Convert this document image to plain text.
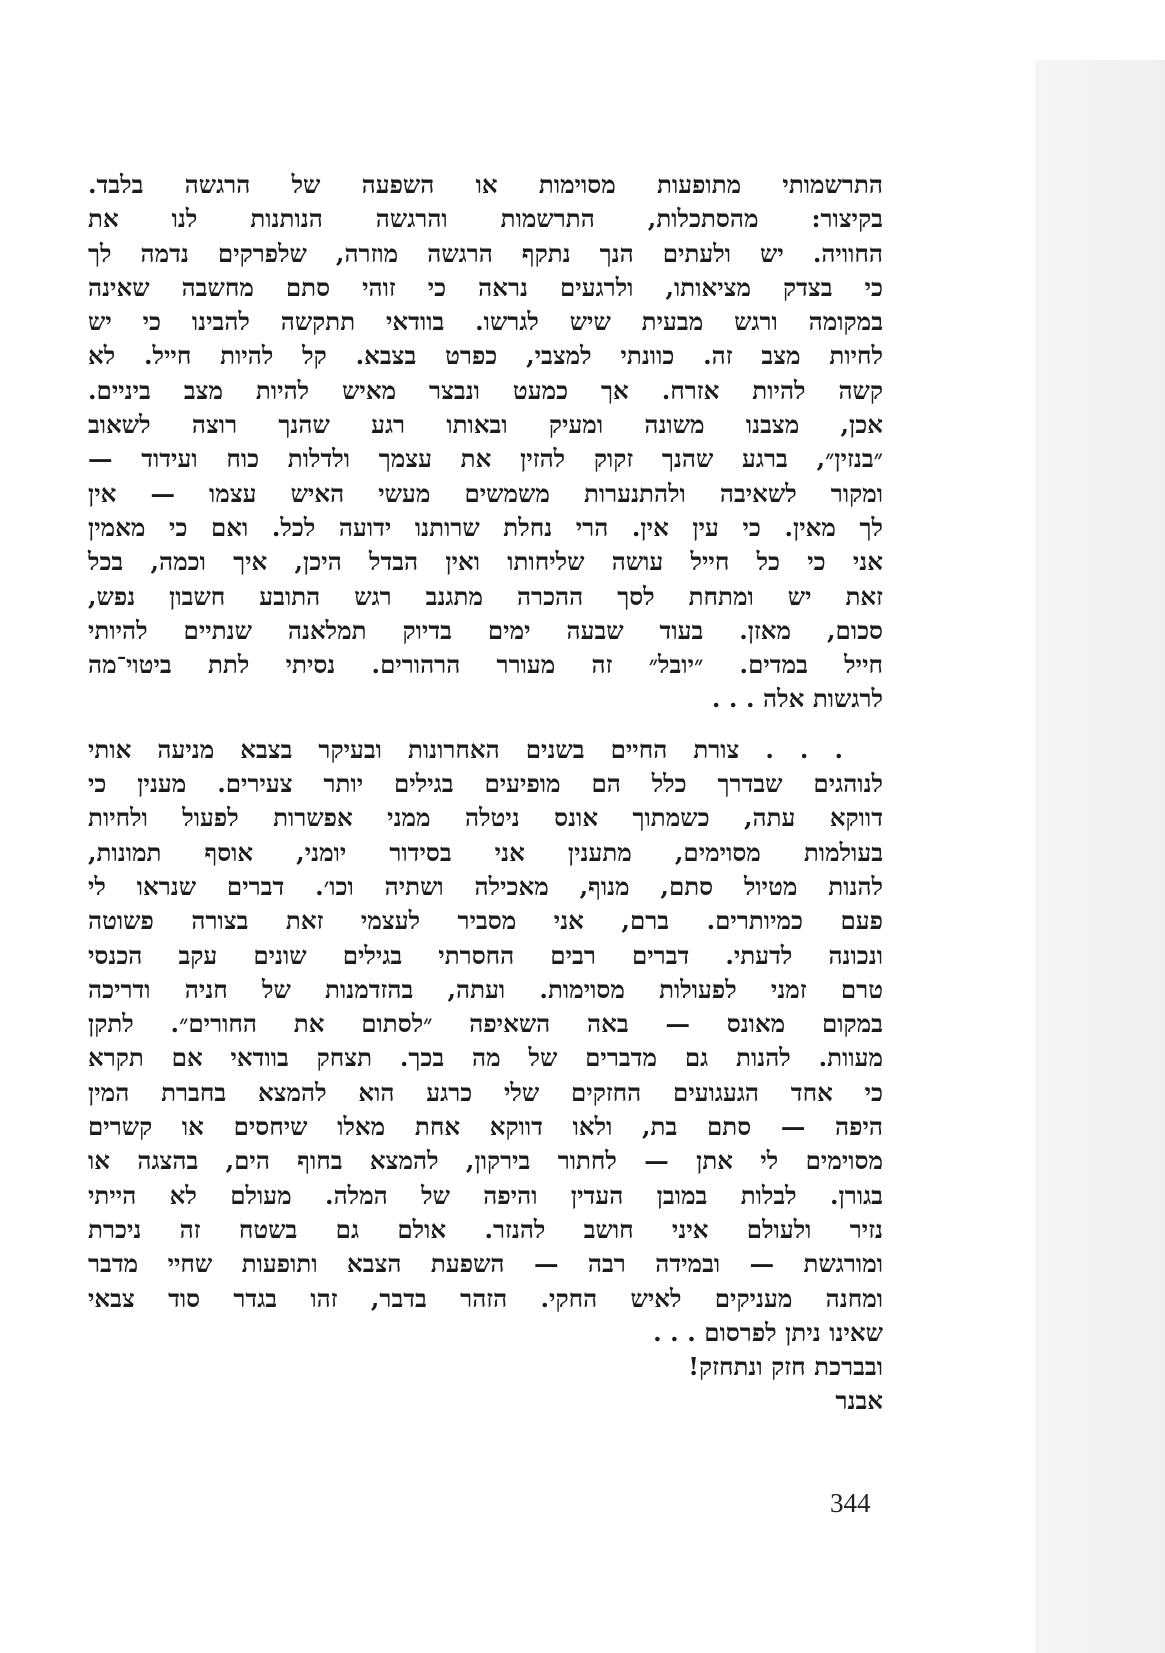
התרשמותי מתופעות מסוימות או השפעה של הרגשה בלבד.
בקיצור: מהסתכלות, התרשמות והרגשה הנותנות לנו את
החוויה. יש ולעתים הנך נתקף הרגשה מוזרה, שלפרקים נדמה לך
כי בצדק מציאותו, ולרגעים נראה כי זוהי סתם מחשבה שאינה
במקומה ורגש מבעית שיש לגרשו. בוודאי תתקשה להבינו כי יש
לחיות מצב זה. כוונתי למצבי, כפרט בצבא. קל להיות חייל. לא
קשה להיות אזרח. אך כמעט ונבצר מאיש להיות מצב ביניים.
אכן, מצבנו משונה ומעיק ובאותו רגע שהנך רוצה לשאוב
״בנזין״, ברגע שהנך זקוק להזין את עצמך ולדלות כוח ועידוד —
ומקור לשאיבה ולהתנערות משמשים מעשי האיש עצמו — אין
לך מאין. כי עין אין. הרי נחלת שרותנו ידועה לכל. ואם כי מאמין
אני כי כל חייל עושה שליחותו ואין הבדל היכן, איך וכמה, בכל
זאת יש ומתחת לסך ההכרה מתגנב רגש התובע חשבון נפש,
סכום, מאזן. בעוד שבעה ימים בדיוק תמלאנה שנתיים להיותי
חייל במדים. ״יובל״ זה מעורר הרהורים. נסיתי לתת ביטוי־מה
לרגשות אלה . . .
. . . צורת החיים בשנים האחרונות ובעיקר בצבא מניעה אותי
לנוהגים שבדרך כלל הם מופיעים בגילים יותר צעירים. מענין כי
דווקא עתה, כשמתוך אונס ניטלה ממני אפשרות לפעול ולחיות
בעולמות מסוימים, מתענין אני בסידור יומני, אוסף תמונות,
להנות מטיול סתם, מנוף, מאכילה ושתיה וכו׳. דברים שנראו לי
פעם כמיותרים. ברם, אני מסביר לעצמי זאת בצורה פשוטה
ונכונה לדעתי. דברים רבים החסרתי בגילים שונים עקב הכנסי
טרם זמני לפעולות מסוימות. ועתה, בהזדמנות של חניה ודריכה
במקום מאונס — באה השאיפה ״לסתום את החורים״. לתקן
מעוות. להנות גם מדברים של מה בכך. תצחק בוודאי אם תקרא
כי אחד הגעגועים החזקים שלי כרגע הוא להמצא בחברת המין
היפה — סתם בת, ולאו דווקא אחת מאלו שיחסים או קשרים
מסוימים לי אתן — לחתור בירקון, להמצא בחוף הים, בהצגה או
בגורן. לבלות במובן העדין והיפה של המלה. מעולם לא הייתי
נזיר ולעולם איני חושב להנזר. אולם גם בשטח זה ניכרת
ומורגשת — ובמידה רבה — השפעת הצבא ותופעות שחיי מדבר
ומחנה מעניקים לאיש החקי. הזהר בדבר, זהו בגדר סוד צבאי
שאינו ניתן לפרסום . . .
ובברכת חזק ונתחזק!
אבנר
344
